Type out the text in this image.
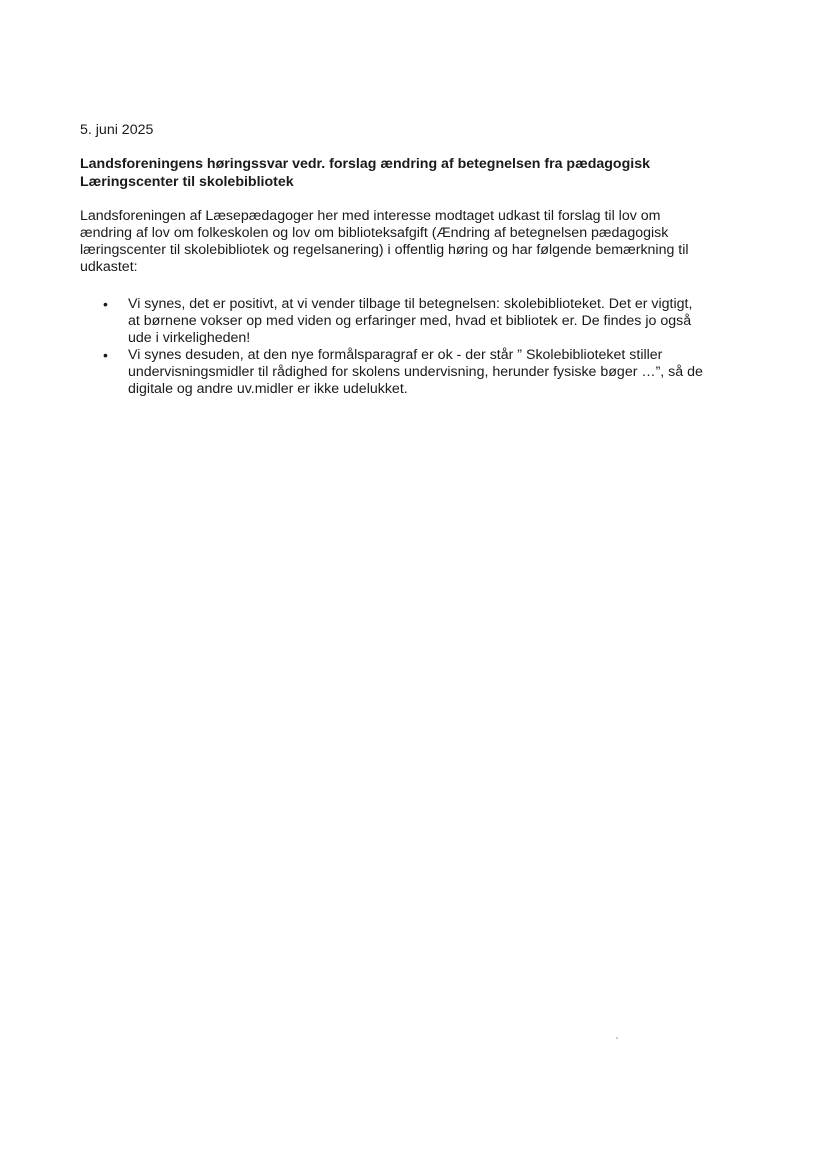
5. juni 2025

Landsforeningens høringssvar vedr. forslag ændring af betegnelsen fra pædagogisk
Læringscenter til skolebibliotek

Landsforeningen af Læsepædagoger her med interesse modtaget udkast til forslag til lov om
ændring af lov om folkeskolen og lov om biblioteksafgift (Ændring af betegnelsen pædagogisk
læringscenter til skolebibliotek og regelsanering) i offentlig høring og har følgende bemærkning til
udkastet:

• Vi synes, det er positivt, at vi vender tilbage til betegnelsen: skolebiblioteket. Det er vigtigt,
at børnene vokser op med viden og erfaringer med, hvad et bibliotek er. De findes jo også
ude i virkeligheden!
• Vi synes desuden, at den nye formålsparagraf er ok - der står ” Skolebiblioteket stiller
undervisningsmidler til rådighed for skolens undervisning, herunder fysiske bøger …”, så de
digitale og andre uv.midler er ikke udelukket.
